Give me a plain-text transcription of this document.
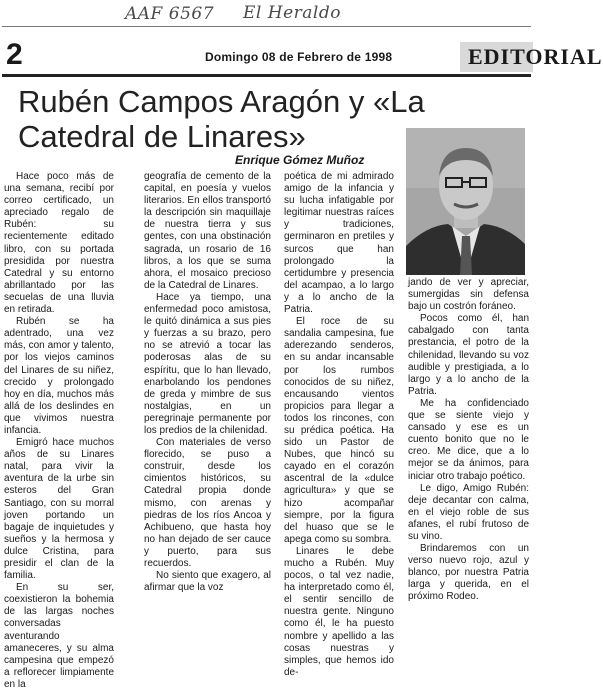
AAF 6567 El Heraldo
2	Domingo 08 de Febrero de 1998	EDITORIAL
Rubén Campos Aragón y «La
Catedral de Linares»
Enrique Gómez Muñoz

Hace poco más de una semana, recibí por correo certificado, un apreciado regalo de Rubén: su recientemente editado libro, con su portada presidida por nuestra Catedral y su entorno abrillantado por las secuelas de una lluvia en retirada.

Rubén se ha adentrado, una vez más, con amor y talento, por los viejos caminos del Linares de su niñez, crecido y prolongado hoy en día, muchos más allá de los deslindes en que vivimos nuestra infancia.

Emigró hace muchos años de su Linares natal, para vivir la aventura de la urbe sin esteros del Gran Santiago, con su morral joven portando un bagaje de inquietudes y sueños y la hermosa y dulce Cristina, para presidir el clan de la familia.

En su ser, coexistieron la bohemia de las largas noches conversadas aventurando amaneceres, y su alma campesina que empezó a reflorecer limpiamente en la

geografía de cemento de la capital, en poesía y vuelos literarios. En ellos transportó la descripción sin maquillaje de nuestra tierra y sus gentes, con una obstinación sagrada, un rosario de 16 libros, a los que se suma ahora, el mosaico precioso de la Catedral de Linares.

Hace ya tiempo, una enfermedad poco amistosa, le quitó dinámica a sus pies y fuerzas a su brazo, pero no se atrevió a tocar las poderosas alas de su espíritu, que lo han llevado, enarbolando los pendones de greda y mimbre de sus nostalgias, en un peregrinaje permanente por los predios de la chilenidad.

Con materiales de verso florecido, se puso a construir, desde los cimientos históricos, su Catedral propia donde mismo, con arenas y piedras de los ríos Ancoa y Achibueno, que hasta hoy no han dejado de ser cauce y puerto, para sus recuerdos.

No siento que exagero, al afirmar que la voz

poética de mi admirado amigo de la infancia y su lucha infatigable por legitimar nuestras raíces y tradiciones, germinaron en pretiles y surcos que han prolongado la certidumbre y presencia del acampao, a lo largo y a lo ancho de la Patria.

El roce de su sandalia campesina, fue aderezando senderos, en su andar incansable por los rumbos conocidos de su niñez, encausando vientos propicios para llegar a todos los rincones, con su prédica poética. Ha sido un Pastor de Nubes, que hincó su cayado en el corazón ascentral de la «dulce agricultura» y que se hizo acompañar siempre, por la figura del huaso que se le apega como su sombra.

Linares le debe mucho a Rubén. Muy pocos, o tal vez nadie, ha interpretado como él, el sentir sencillo de nuestra gente. Ninguno como él, le ha puesto nombre y apellido a las cosas nuestras y simples, que hemos ido de-

jando de ver y apreciar, sumergidas sin defensa bajo un costrón foráneo.

Pocos como él, han cabalgado con tanta prestancia, el potro de la chilenidad, llevando su voz audible y prestigiada, a lo largo y a lo ancho de la Patria.

Me ha confidenciado que se siente viejo y cansado y ese es un cuento bonito que no le creo. Me dice, que a lo mejor se da ánimos, para iniciar otro trabajo poético.

Le digo, Amigo Rubén: deje decantar con calma, en el viejo roble de sus afanes, el rubí frutoso de su vino.

Brindaremos con un verso nuevo rojo, azul y blanco, por nuestra Patria larga y querida, en el próximo Rodeo.
